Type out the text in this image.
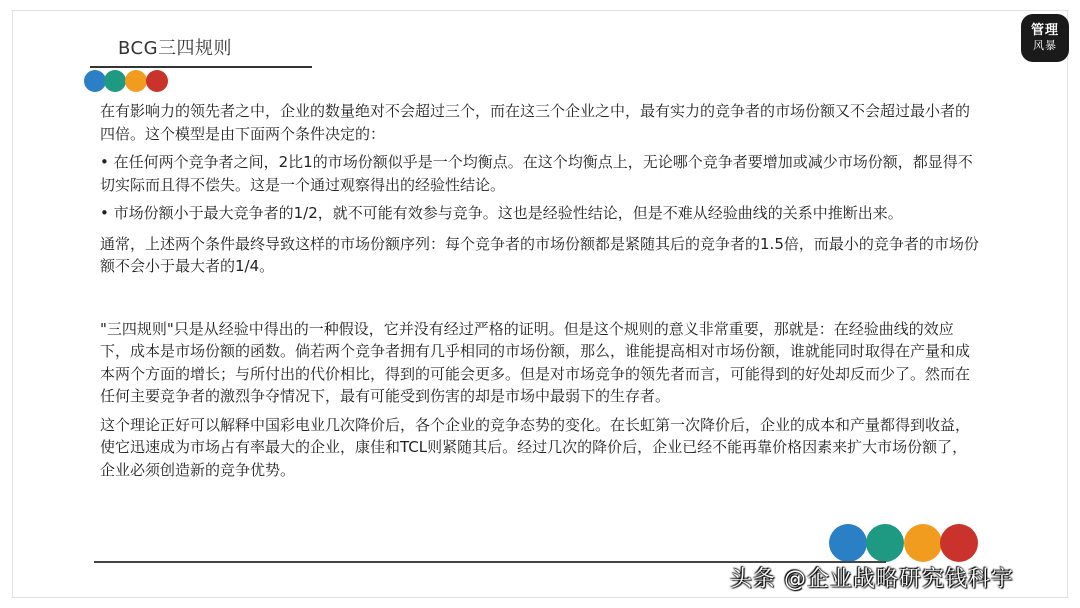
BCG三四规则
管理
风暴

在有影响力的领先者之中，企业的数量绝对不会超过三个，而在这三个企业之中，最有实力的竞争者的市场份额又不会超过最小者的四倍。这个模型是由下面两个条件决定的：

• 在任何两个竞争者之间，2比1的市场份额似乎是一个均衡点。在这个均衡点上，无论哪个竞争者要增加或减少市场份额，都显得不切实际而且得不偿失。这是一个通过观察得出的经验性结论。

• 市场份额小于最大竞争者的1/2，就不可能有效参与竞争。这也是经验性结论，但是不难从经验曲线的关系中推断出来。

通常，上述两个条件最终导致这样的市场份额序列：每个竞争者的市场份额都是紧随其后的竞争者的1.5倍，而最小的竞争者的市场份额不会小于最大者的1/4。

"三四规则"只是从经验中得出的一种假设，它并没有经过严格的证明。但是这个规则的意义非常重要，那就是：在经验曲线的效应下，成本是市场份额的函数。倘若两个竞争者拥有几乎相同的市场份额，那么，谁能提高相对市场份额，谁就能同时取得在产量和成本两个方面的增长；与所付出的代价相比，得到的可能会更多。但是对市场竞争的领先者而言，可能得到的好处却反而少了。然而在任何主要竞争者的激烈争夺情况下，最有可能受到伤害的却是市场中最弱下的生存者。

这个理论正好可以解释中国彩电业几次降价后，各个企业的竞争态势的变化。在长虹第一次降价后，企业的成本和产量都得到收益，使它迅速成为市场占有率最大的企业，康佳和TCL则紧随其后。经过几次的降价后，企业已经不能再靠价格因素来扩大市场份额了，企业必须创造新的竞争优势。

头条 @企业战略研究钱科宇
